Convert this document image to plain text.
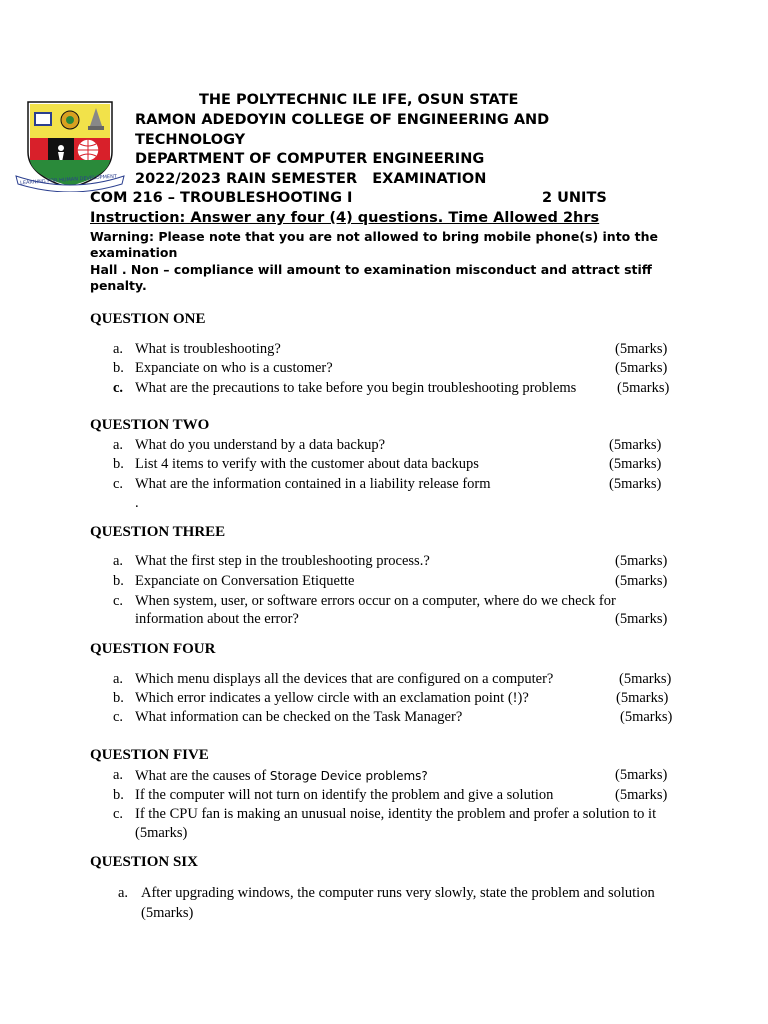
LEARNING FOR HUMAN DEVELOPMENT
THE POLYTECHNIC ILE IFE, OSUN STATE
RAMON ADEDOYIN COLLEGE OF ENGINEERING AND
TECHNOLOGY
DEPARTMENT OF COMPUTER ENGINEERING
2022/2023 RAIN SEMESTER   EXAMINATION
COM 216 – TROUBLESHOOTING I	2 UNITS
Instruction: Answer any four (4) questions. Time Allowed 2hrs
Warning: Please note that you are not allowed to bring mobile phone(s) into the
examination
Hall . Non – compliance will amount to examination misconduct and attract stiff
penalty.
QUESTION ONE
a. What is troubleshooting?	(5marks)
b. Expanciate on who is a customer?	(5marks)
c. What are the precautions to take before you begin troubleshooting problems	(5marks)
QUESTION TWO
a. What do you understand by a data backup?	(5marks)
b. List 4 items to verify with the customer about data backups	(5marks)
c. What are the information contained in a liability release form	(5marks)
.
QUESTION THREE
a. What the first step in the troubleshooting process.?	(5marks)
b. Expanciate on Conversation Etiquette	(5marks)
c. When system, user, or software errors occur on a computer, where do we check for
information about the error?	(5marks)
QUESTION FOUR
a. Which menu displays all the devices that are configured on a computer?	(5marks)
b. Which error indicates a yellow circle with an exclamation point (!)?	(5marks)
c. What information can be checked on the Task Manager?	(5marks)
QUESTION FIVE
a. What are the causes of Storage Device problems?	(5marks)
b. If the computer will not turn on identify the problem and give a solution	(5marks)
c. If the CPU fan is making an unusual noise, identity the problem and profer a solution to it
(5marks)
QUESTION SIX
a. After upgrading windows, the computer runs very slowly, state the problem and solution
(5marks)
